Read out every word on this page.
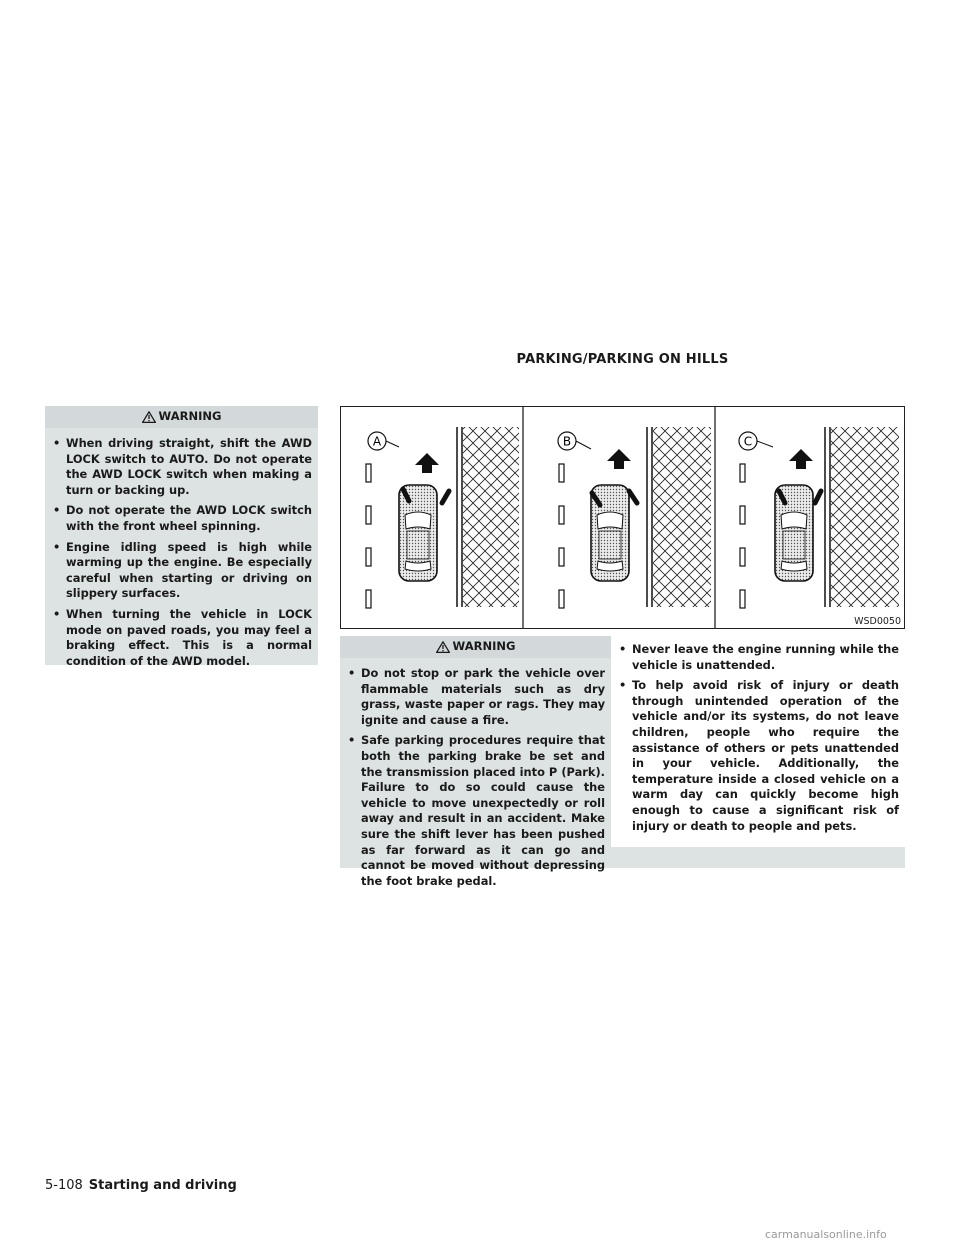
PARKING/PARKING ON HILLS
WARNING
• When driving straight, shift the AWD LOCK switch to AUTO. Do not operate the AWD LOCK switch when making a turn or backing up.
• Do not operate the AWD LOCK switch with the front wheel spinning.
• Engine idling speed is high while warming up the engine. Be especially careful when starting or driving on slippery surfaces.
• When turning the vehicle in LOCK mode on paved roads, you may feel a braking effect. This is a normal condition of the AWD model.
A	B	C
WSD0050
WARNING
• Do not stop or park the vehicle over flammable materials such as dry grass, waste paper or rags. They may ignite and cause a fire.
• Safe parking procedures require that both the parking brake be set and the transmission placed into P (Park). Failure to do so could cause the vehicle to move unexpectedly or roll away and result in an accident. Make sure the shift lever has been pushed as far forward as it can go and cannot be moved without depressing the foot brake pedal.
• Never leave the engine running while the vehicle is unattended.
• To help avoid risk of injury or death through unintended operation of the vehicle and/or its systems, do not leave children, people who require the assistance of others or pets unattended in your vehicle. Additionally, the temperature inside a closed vehicle on a warm day can quickly become high enough to cause a significant risk of injury or death to people and pets.
5-108 Starting and driving
carmanualsonline.info
